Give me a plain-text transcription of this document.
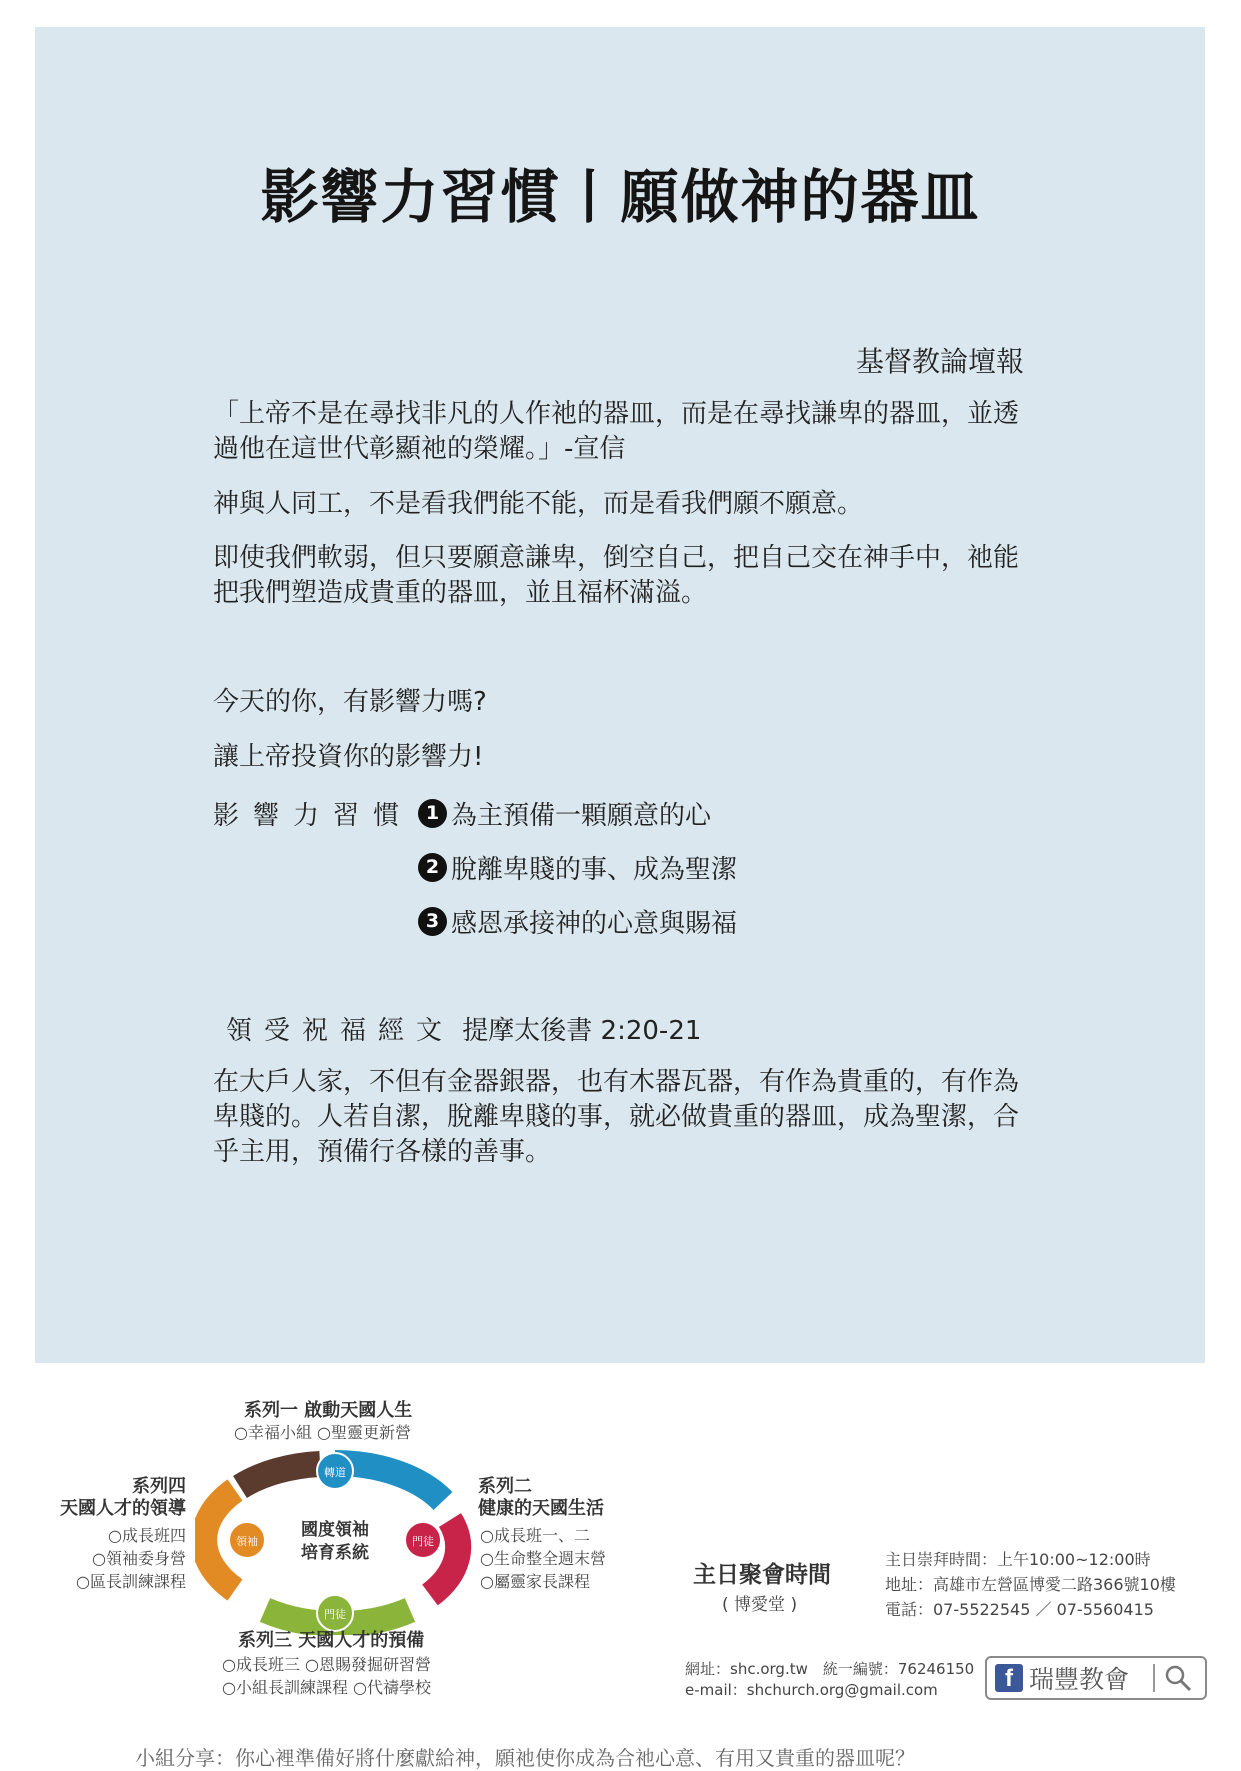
影響力習慣丨願做神的器皿
基督教論壇報

「上帝不是在尋找非凡的人作祂的器皿，而是在尋找謙卑的器皿，並透過他在這世代彰顯祂的榮耀。」-宣信

神與人同工，不是看我們能不能，而是看我們願不願意。

即使我們軟弱，但只要願意謙卑，倒空自己，把自己交在神手中，祂能把我們塑造成貴重的器皿，並且福杯滿溢。

今天的你，有影響力嗎?

讓上帝投資你的影響力!

影響力習慣 1 為主預備一顆願意的心
2 脫離卑賤的事、成為聖潔
3 感恩承接神的心意與賜福
領受祝福經文 提摩太後書 2:20-21

在大戶人家，不但有金器銀器，也有木器瓦器，有作為貴重的，有作為卑賤的。人若自潔，脫離卑賤的事，就必做貴重的器皿，成為聖潔，合乎主用，預備行各樣的善事。

轉道
門徒
門徒
領袖
國度領袖
培育系統
系列一 啟動天國人生
○幸福小組 ○聖靈更新營
系列二
健康的天國生活
○成長班一、二
○生命整全週末營
○屬靈家長課程
系列四
天國人才的領導
○成長班四
○領袖委身營
○區長訓練課程
系列三 天國人才的預備
○成長班三 ○恩賜發掘研習營
○小組長訓練課程 ○代禱學校
主日聚會時間
( 博愛堂 )
主日崇拜時間：上午10:00~12:00時
地址：高雄市左營區博愛二路366號10樓
電話：07-5522545 ／ 07-5560415
網址：shc.org.tw　統一編號：76246150
e-mail：shchurch.org@gmail.com	f 瑞豐教會
小組分享：你心裡準備好將什麼獻給神，願祂使你成為合祂心意、有用又貴重的器皿呢？
